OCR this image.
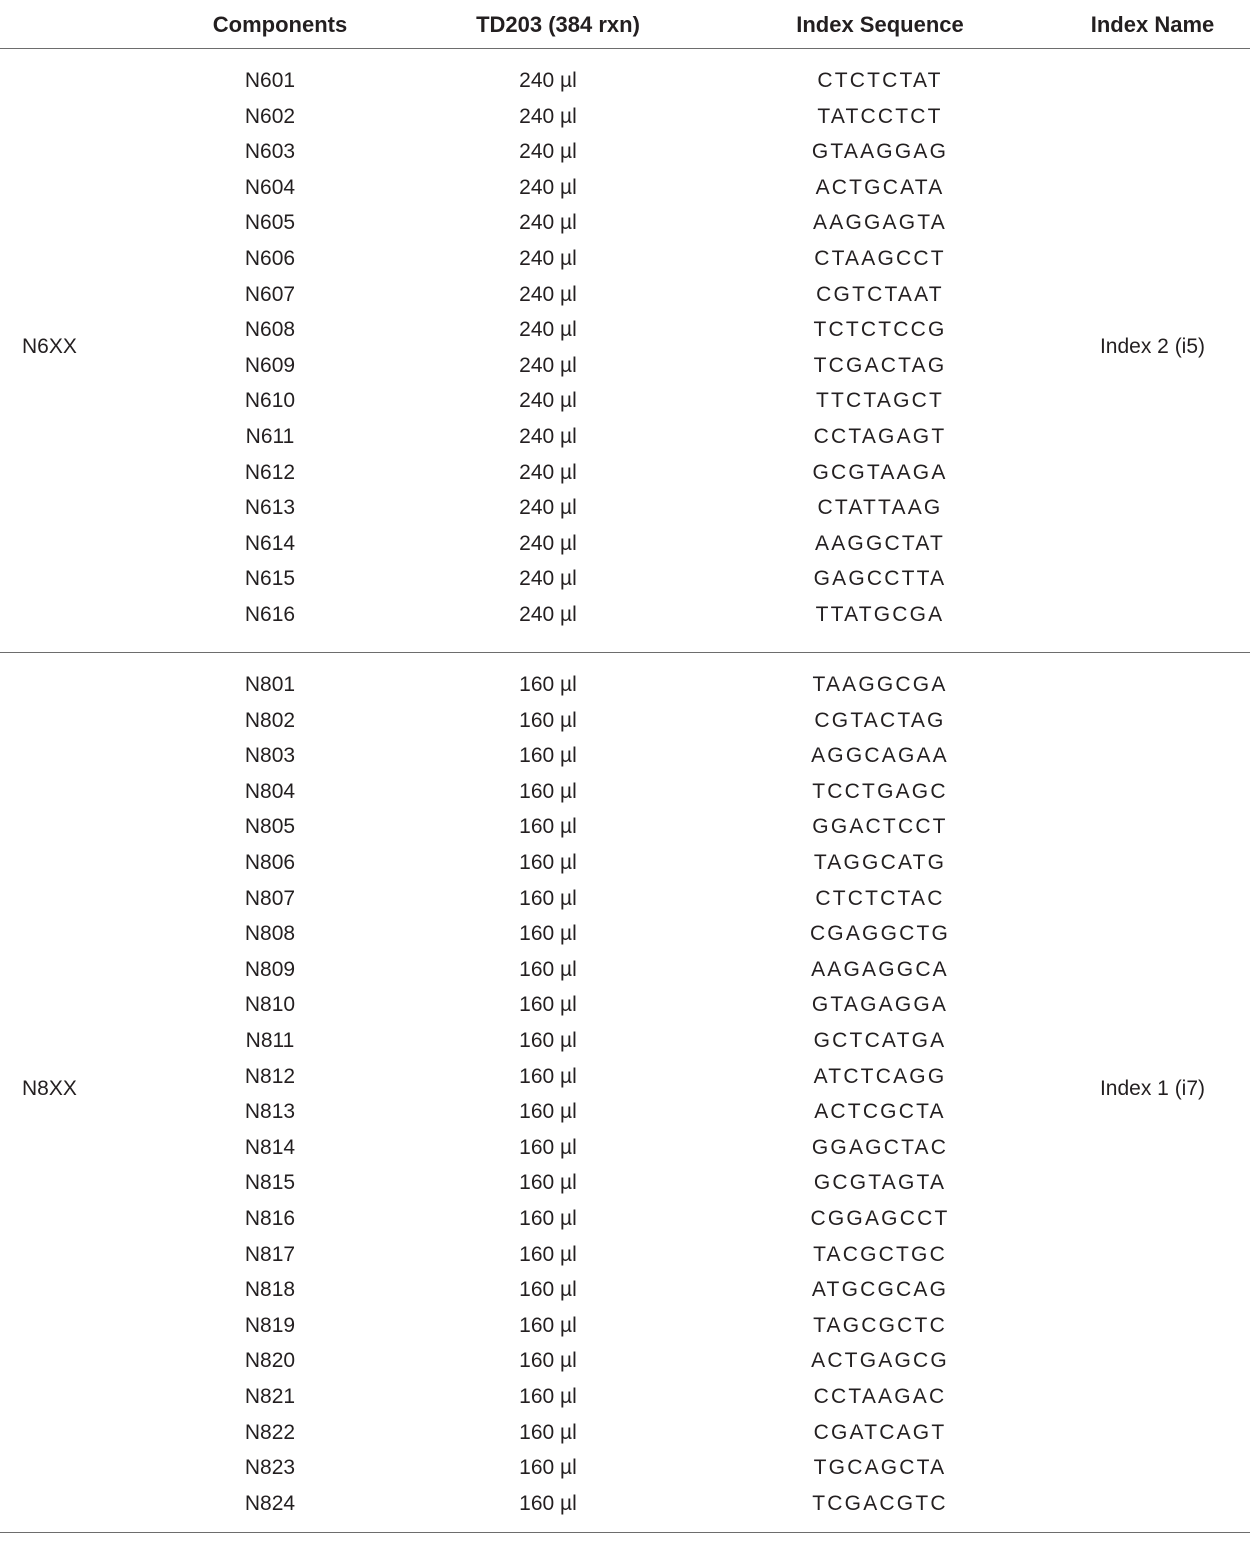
Components	TD203 (384 rxn)	Index Sequence	Index Name
N6XX	Index 2 (i5)
N601	240 µl	CTCTCTAT
N602	240 µl	TATCCTCT
N603	240 µl	GTAAGGAG
N604	240 µl	ACTGCATA
N605	240 µl	AAGGAGTA
N606	240 µl	CTAAGCCT
N607	240 µl	CGTCTAAT
N608	240 µl	TCTCTCCG
N609	240 µl	TCGACTAG
N610	240 µl	TTCTAGCT
N611	240 µl	CCTAGAGT
N612	240 µl	GCGTAAGA
N613	240 µl	CTATTAAG
N614	240 µl	AAGGCTAT
N615	240 µl	GAGCCTTA
N616	240 µl	TTATGCGA
N8XX	Index 1 (i7)
N801	160 µl	TAAGGCGA
N802	160 µl	CGTACTAG
N803	160 µl	AGGCAGAA
N804	160 µl	TCCTGAGC
N805	160 µl	GGACTCCT
N806	160 µl	TAGGCATG
N807	160 µl	CTCTCTAC
N808	160 µl	CGAGGCTG
N809	160 µl	AAGAGGCA
N810	160 µl	GTAGAGGA
N811	160 µl	GCTCATGA
N812	160 µl	ATCTCAGG
N813	160 µl	ACTCGCTA
N814	160 µl	GGAGCTAC
N815	160 µl	GCGTAGTA
N816	160 µl	CGGAGCCT
N817	160 µl	TACGCTGC
N818	160 µl	ATGCGCAG
N819	160 µl	TAGCGCTC
N820	160 µl	ACTGAGCG
N821	160 µl	CCTAAGAC
N822	160 µl	CGATCAGT
N823	160 µl	TGCAGCTA
N824	160 µl	TCGACGTC
